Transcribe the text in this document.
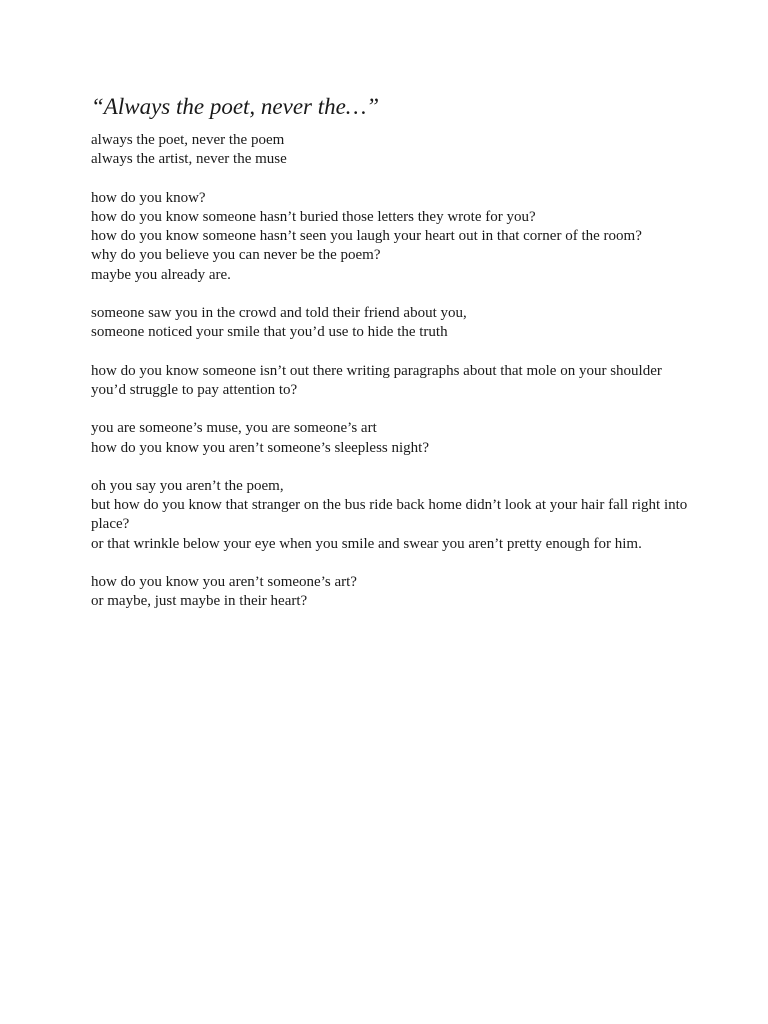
“Always the poet, never the…”
always the poet, never the poem
always the artist, never the muse
how do you know?
how do you know someone hasn’t buried those letters they wrote for you?
how do you know someone hasn’t seen you laugh your heart out in that corner of the room?
why do you believe you can never be the poem?
maybe you already are.
someone saw you in the crowd and told their friend about you,
someone noticed your smile that you’d use to hide the truth
how do you know someone isn’t out there writing paragraphs about that mole on your shoulder you’d struggle to pay attention to?
you are someone’s muse, you are someone’s art
how do you know you aren’t someone’s sleepless night?
oh you say you aren’t the poem,
but how do you know that stranger on the bus ride back home didn’t look at your hair fall right into place?
or that wrinkle below your eye when you smile and swear you aren’t pretty enough for him.
how do you know you aren’t someone’s art?
or maybe, just maybe in their heart?
